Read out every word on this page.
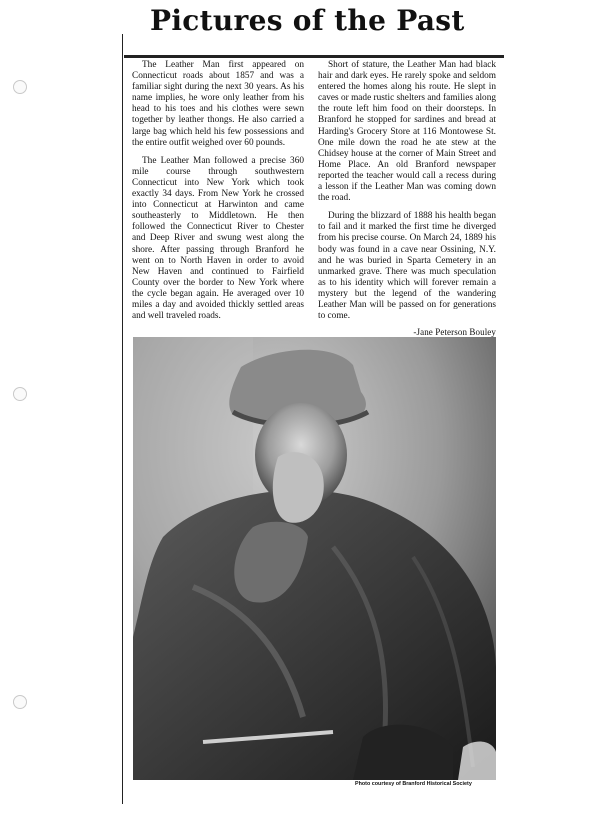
Pictures of the Past

The Leather Man first appeared on Connecticut roads about 1857 and was a familiar sight during the next 30 years. As his name implies, he wore only leather from his head to his toes and his clothes were sewn together by leather thongs. He also carried a large bag which held his few possessions and the entire outfit weighed over 60 pounds.

The Leather Man followed a precise 360 mile course through southwestern Connecticut into New York which took exactly 34 days. From New York he crossed into Connecticut at Harwinton and came southeasterly to Middletown. He then followed the Connecticut River to Chester and Deep River and swung west along the shore. After passing through Branford he went on to North Haven in order to avoid New Haven and continued to Fairfield County over the border to New York where the cycle began again. He averaged over 10 miles a day and avoided thickly settled areas and well traveled roads.

Short of stature, the Leather Man had black hair and dark eyes. He rarely spoke and seldom entered the homes along his route. He slept in caves or made rustic shelters and families along the route left him food on their doorsteps. In Branford he stopped for sardines and bread at Harding's Grocery Store at 116 Montowese St. One mile down the road he ate stew at the Chidsey house at the corner of Main Street and Home Place. An old Branford newspaper reported the teacher would call a recess during a lesson if the Leather Man was coming down the road.

During the blizzard of 1888 his health began to fail and it marked the first time he diverged from his precise course. On March 24, 1889 his body was found in a cave near Ossining, N.Y. and he was buried in Sparta Cemetery in an unmarked grave. There was much speculation as to his identity which will forever remain a mystery but the legend of the wandering Leather Man will be passed on for generations to come.

-Jane Peterson Bouley
Photo courtesy of Branford Historical Society
